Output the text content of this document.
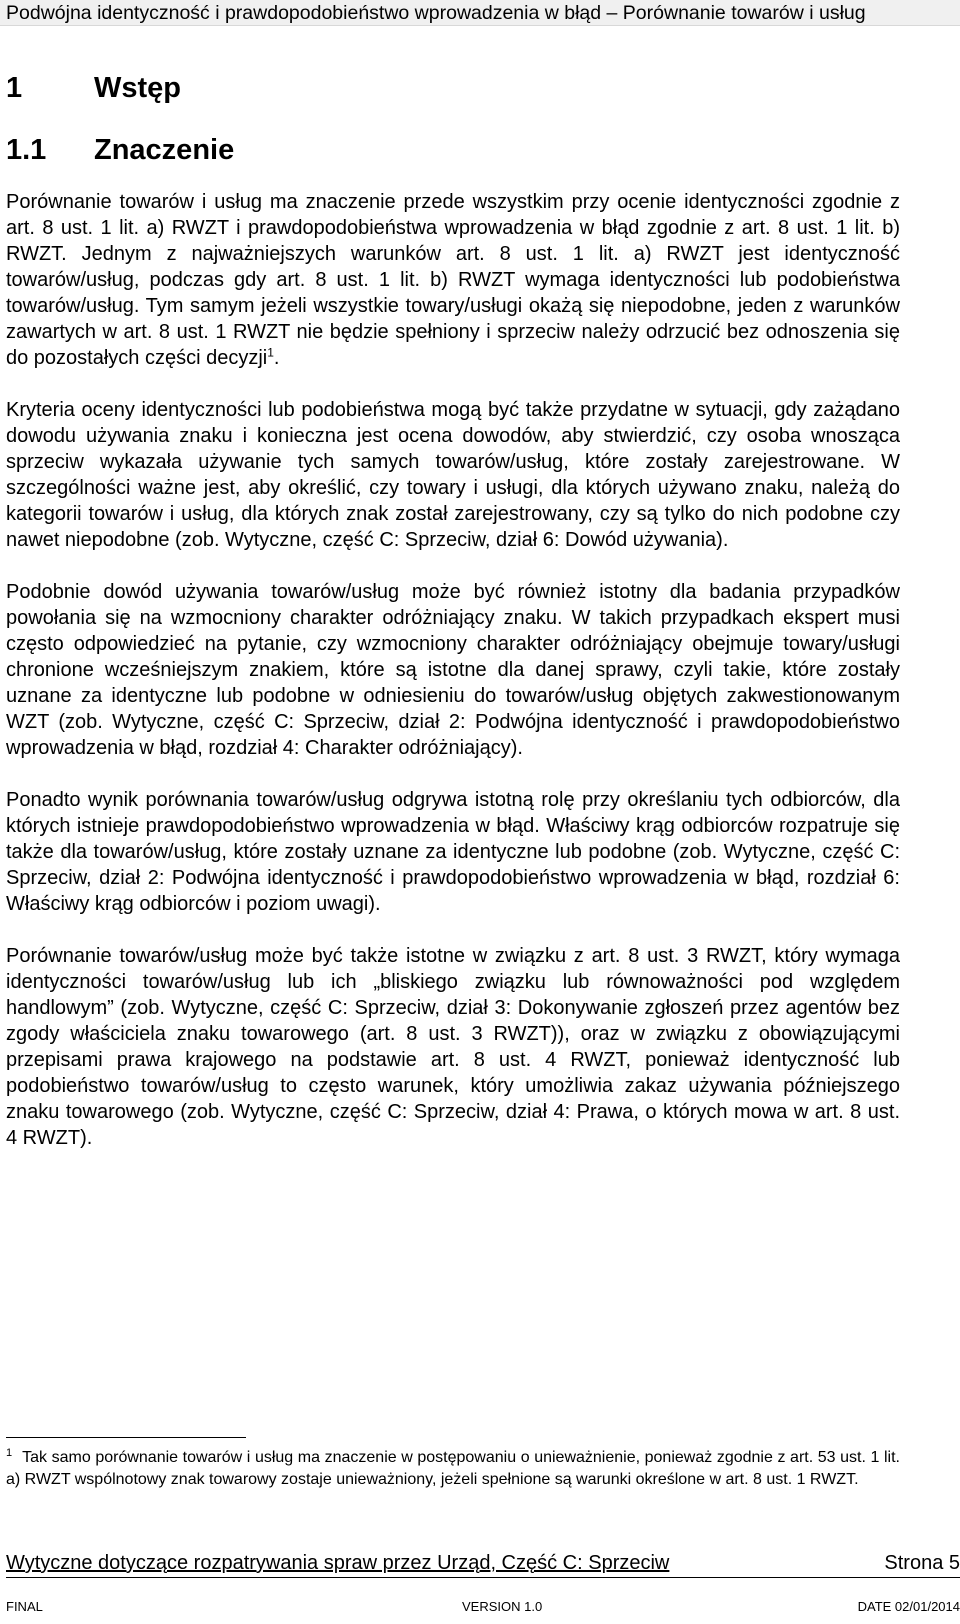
Podwójna identyczność i prawdopodobieństwo wprowadzenia w błąd – Porównanie towarów i usług
1 Wstęp
1.1 Znaczenie

Porównanie towarów i usług ma znaczenie przede wszystkim przy ocenie identyczności zgodnie z art. 8 ust. 1 lit. a) RWZT i prawdopodobieństwa wprowadzenia w błąd zgodnie z art. 8 ust. 1 lit. b) RWZT. Jednym z najważniejszych warunków art. 8 ust. 1 lit. a) RWZT jest identyczność towarów/usług, podczas gdy art. 8 ust. 1 lit. b) RWZT wymaga identyczności lub podobieństwa towarów/usług. Tym samym jeżeli wszystkie towary/usługi okażą się niepodobne, jeden z warunków zawartych w art. 8 ust. 1 RWZT nie będzie spełniony i sprzeciw należy odrzucić bez odnoszenia się do pozostałych części decyzji$^1$.

Kryteria oceny identyczności lub podobieństwa mogą być także przydatne w sytuacji, gdy zażądano dowodu używania znaku i konieczna jest ocena dowodów, aby stwierdzić, czy osoba wnosząca sprzeciw wykazała używanie tych samych towarów/usług, które zostały zarejestrowane. W szczególności ważne jest, aby określić, czy towary i usługi, dla których używano znaku, należą do kategorii towarów i usług, dla których znak został zarejestrowany, czy są tylko do nich podobne czy nawet niepodobne (zob. Wytyczne, część C: Sprzeciw, dział 6: Dowód używania).

Podobnie dowód używania towarów/usług może być również istotny dla badania przypadków powołania się na wzmocniony charakter odróżniający znaku. W takich przypadkach ekspert musi często odpowiedzieć na pytanie, czy wzmocniony charakter odróżniający obejmuje towary/usługi chronione wcześniejszym znakiem, które są istotne dla danej sprawy, czyli takie, które zostały uznane za identyczne lub podobne w odniesieniu do towarów/usług objętych zakwestionowanym WZT (zob. Wytyczne, część C: Sprzeciw, dział 2: Podwójna identyczność i prawdopodobieństwo wprowadzenia w błąd, rozdział 4: Charakter odróżniający).

Ponadto wynik porównania towarów/usług odgrywa istotną rolę przy określaniu tych odbiorców, dla których istnieje prawdopodobieństwo wprowadzenia w błąd. Właściwy krąg odbiorców rozpatruje się także dla towarów/usług, które zostały uznane za identyczne lub podobne (zob. Wytyczne, część C: Sprzeciw, dział 2: Podwójna identyczność i prawdopodobieństwo wprowadzenia w błąd, rozdział 6: Właściwy krąg odbiorców i poziom uwagi).

Porównanie towarów/usług może być także istotne w związku z art. 8 ust. 3 RWZT, który wymaga identyczności towarów/usług lub ich „bliskiego związku lub równoważności pod względem handlowym” (zob. Wytyczne, część C: Sprzeciw, dział 3: Dokonywanie zgłoszeń przez agentów bez zgody właściciela znaku towarowego (art. 8 ust. 3 RWZT)), oraz w związku z obowiązującymi przepisami prawa krajowego na podstawie art. 8 ust. 4 RWZT, ponieważ identyczność lub podobieństwo towarów/usług to często warunek, który umożliwia zakaz używania późniejszego znaku towarowego (zob. Wytyczne, część C: Sprzeciw, dział 4: Prawa, o których mowa w art. 8 ust. 4 RWZT).

$^1$ Tak samo porównanie towarów i usług ma znaczenie w postępowaniu o unieważnienie, ponieważ zgodnie z art. 53 ust. 1 lit. a) RWZT wspólnotowy znak towarowy zostaje unieważniony, jeżeli spełnione są warunki określone w art. 8 ust. 1 RWZT.
Wytyczne dotyczące rozpatrywania spraw przez Urząd, Część C: Sprzeciw	Strona 5
FINAL	VERSION 1.0	DATE 02/01/2014
